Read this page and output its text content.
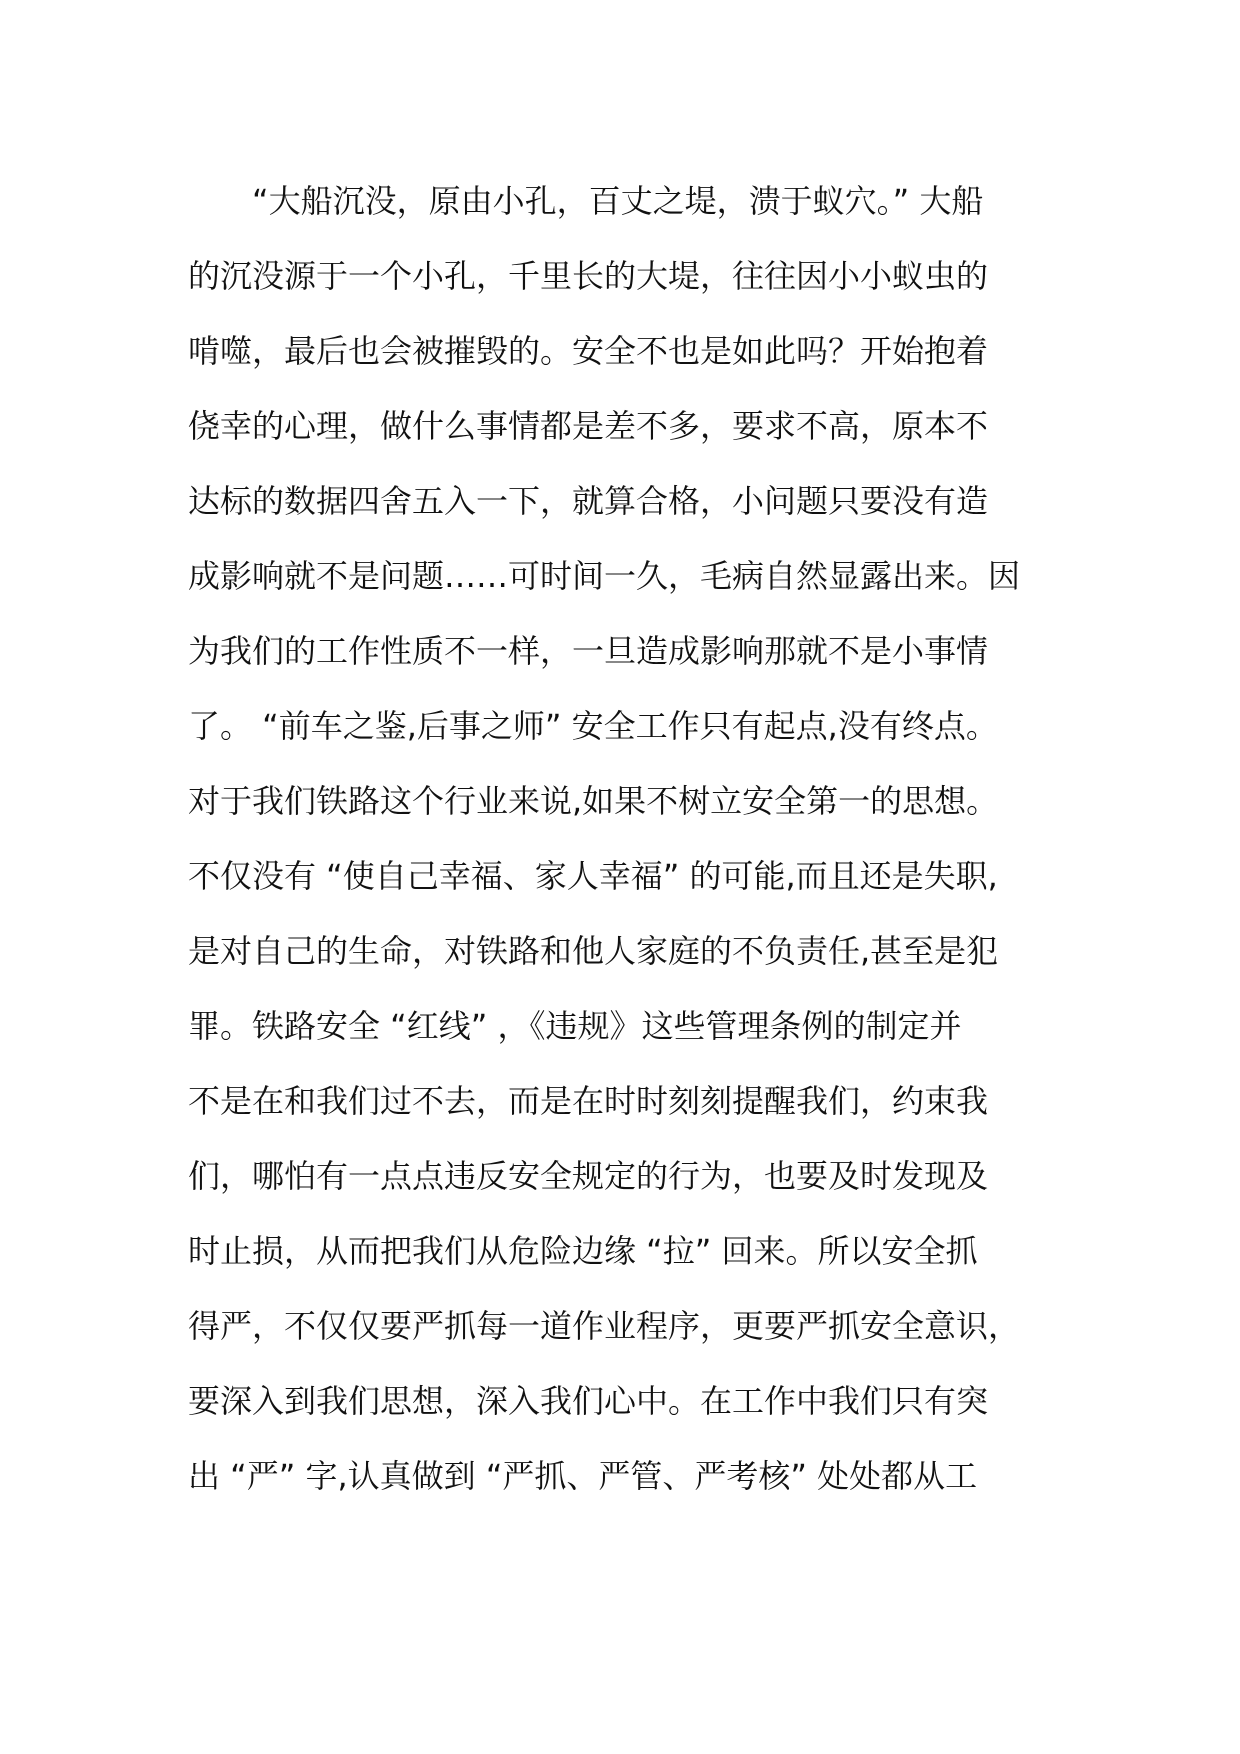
“大船沉没，原由小孔，百丈之堤，溃于蚁穴。” 大船
的沉没源于一个小孔，千里长的大堤，往往因小小蚁虫的
啃噬，最后也会被摧毁的。安全不也是如此吗？开始抱着
侥幸的心理，做什么事情都是差不多，要求不高，原本不
达标的数据四舍五入一下，就算合格，小问题只要没有造
成影响就不是问题……可时间一久，毛病自然显露出来。因
为我们的工作性质不一样，一旦造成影响那就不是小事情
了。 “前车之鉴,后事之师” 安全工作只有起点,没有终点。
对于我们铁路这个行业来说,如果不树立安全第一的思想。
不仅没有 “使自己幸福、家人幸福” 的可能,而且还是失职,
是对自己的生命，对铁路和他人家庭的不负责任,甚至是犯
罪。铁路安全 “红线” ，《违规》这些管理条例的制定并
不是在和我们过不去，而是在时时刻刻提醒我们，约束我
们，哪怕有一点点违反安全规定的行为，也要及时发现及
时止损，从而把我们从危险边缘 “拉” 回来。所以安全抓
得严，不仅仅要严抓每一道作业程序，更要严抓安全意识，
要深入到我们思想，深入我们心中。在工作中我们只有突
出 “严” 字,认真做到 “严抓、严管、严考核” 处处都从工
